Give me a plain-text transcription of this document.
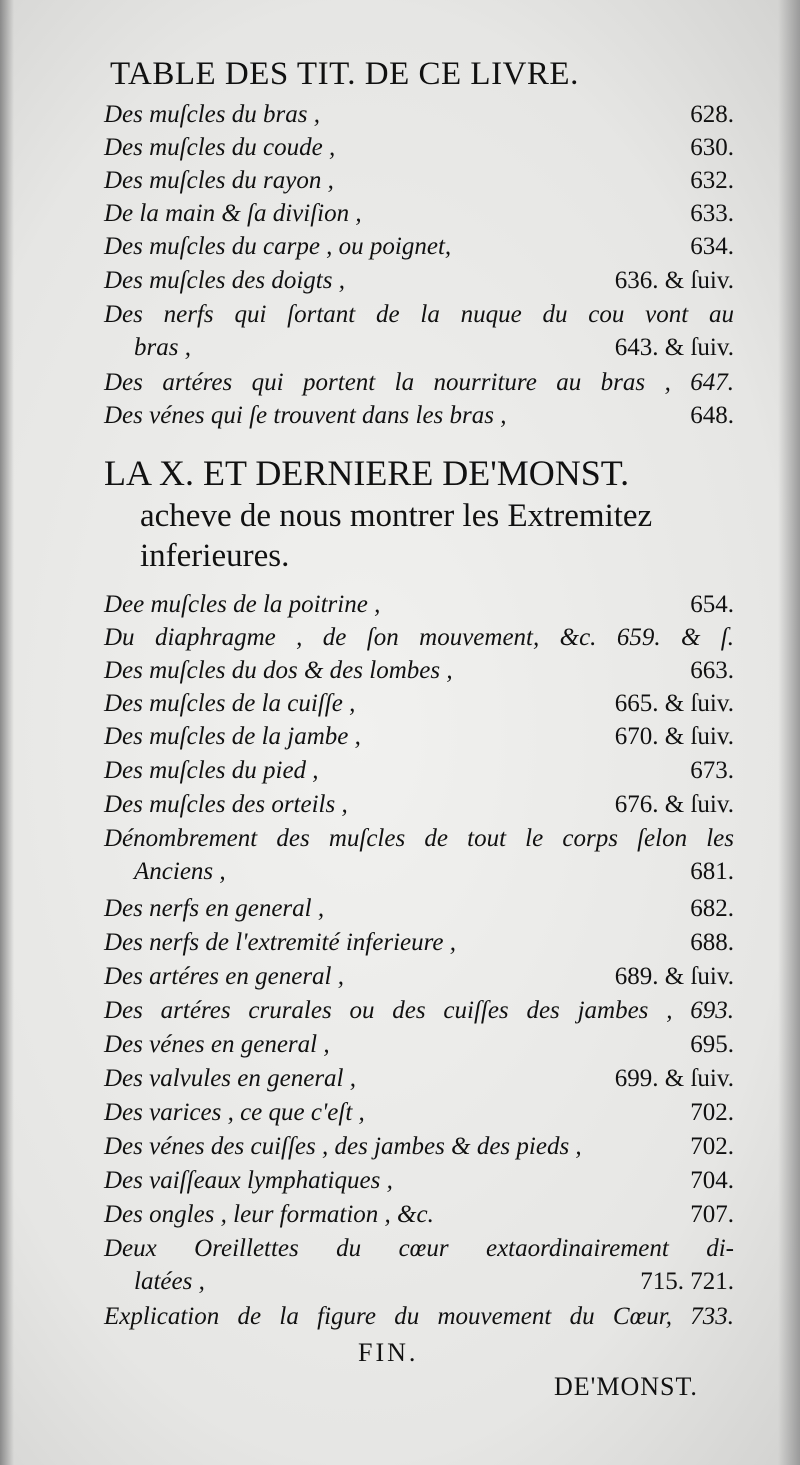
TABLE DES TIT. DE CE LIVRE.
Des muſcles du bras ,	628.
Des muſcles du coude ,	630.
Des muſcles du rayon ,	632.
De la main & ſa diviſion ,	633.
Des muſcles du carpe , ou poignet,	634.
Des muſcles des doigts ,	636. & ſuiv.
Des nerfs qui ſortant de la nuque du cou vont au
bras ,	643. & ſuiv.
Des artéres qui portent la nourriture au bras , 647.
Des vénes qui ſe trouvent dans les bras ,	648.
LA X. ET DERNIERE DE'MONST.
acheve de nous montrer les Extremitez inferieures.
Dee muſcles de la poitrine ,	654.
Du diaphragme , de ſon mouvement, &c. 659. & ſ.
Des muſcles du dos & des lombes ,	663.
Des muſcles de la cuiſſe ,	665. & ſuiv.
Des muſcles de la jambe ,	670. & ſuiv.
Des muſcles du pied ,	673.
Des muſcles des orteils ,	676. & ſuiv.
Dénombrement des muſcles de tout le corps ſelon les
Anciens ,	681.
Des nerfs en general ,	682.
Des nerfs de l'extremité inferieure ,	688.
Des artéres en general ,	689. & ſuiv.
Des artéres crurales ou des cuiſſes des jambes , 693.
Des vénes en general ,	695.
Des valvules en general ,	699. & ſuiv.
Des varices , ce que c'eſt ,	702.
Des vénes des cuiſſes , des jambes & des pieds ,	702.
Des vaiſſeaux lymphatiques ,	704.
Des ongles , leur formation , &c.	707.
Deux Oreillettes du cœur extaordinairement di-
latées ,	715. 721.
Explication de la figure du mouvement du Cœur, 733.
FIN.
DE'MONST.
